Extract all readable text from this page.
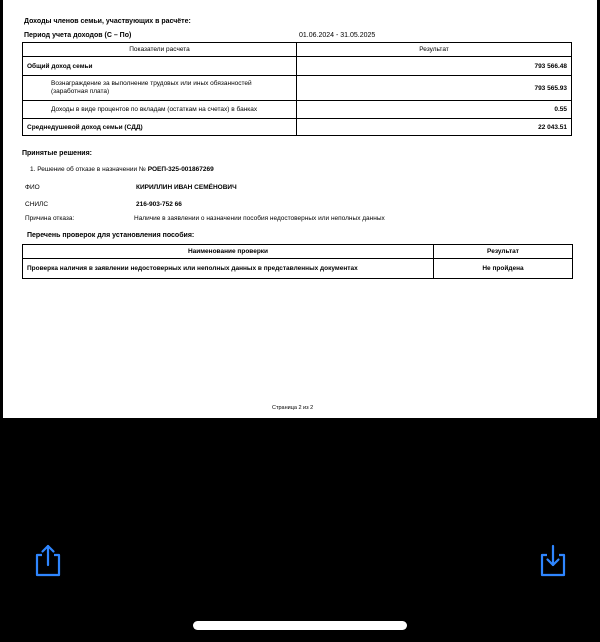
Доходы членов семьи, участвующих в расчёте:
Период учета доходов (С – По)	01.06.2024 - 31.05.2025
Показатели расчета	Результат
Общий доход семьи	793 566.48

Вознаграждение за выполнение трудовых или иных обязанностей
(заработная плата)	793 565.93
Доходы в виде процентов по вкладам (остаткам на счетах) в банках	0.55
Среднедушевой доход семьи (СДД)	22 043.51
Принятые решения:
1. Решение об отказе в назначении № РОЕП-325-001867269
ФИО	КИРИЛЛИН ИВАН СЕМЁНОВИЧ
СНИЛС	216-903-752 66
Причина отказа:	Наличие в заявлении о назначении пособия недостоверных или неполных данных
Перечень проверок для установления пособия:
Наименование проверки	Результат
Проверка наличия в заявлении недостоверных или неполных данных в представленных документах	Не пройдена
Страница 2 из 2
